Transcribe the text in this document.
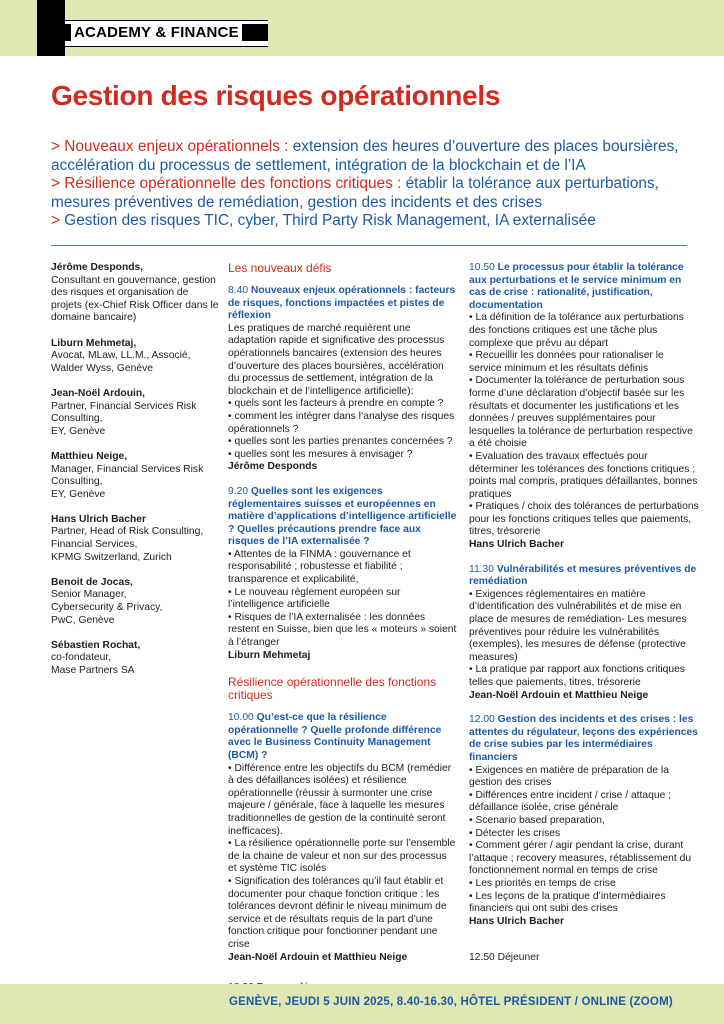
ACADEMY & FINANCE
Gestion des risques opérationnels
> Nouveaux enjeux opérationnels : extension des heures d’ouverture des places boursières, accélération du processus de settlement, intégration de la blockchain et de l’IA
> Résilience opérationnelle des fonctions critiques : établir la tolérance aux perturbations, mesures préventives de remédiation, gestion des incidents et des crises
> Gestion des risques TIC, cyber, Third Party Risk Management, IA externalisée
Jérôme Desponds,
Consultant en gouvernance, gestion des risques et organisation de projets (ex-Chief Risk Officer dans le domaine bancaire)
Liburn Mehmetaj,
Avocat, MLaw, LL.M., Associé, Walder Wyss, Genève
Jean-Noël Ardouin,
Partner, Financial Services Risk Consulting,
EY, Genève
Matthieu Neige,
Manager, Financial Services Risk Consulting,
EY, Genève
Hans Ulrich Bacher
Partner, Head of Risk Consulting, Financial Services,
KPMG Switzerland, Zurich
Benoit de Jocas,
Senior Manager,
Cybersecurity & Privacy,
PwC, Genève
Sébastien Rochat,
co-fondateur,
Mase Partners SA
Les nouveaux défis
8.40 Nouveaux enjeux opérationnels : facteurs de risques, fonctions impactées et pistes de réflexion
Les pratiques de marché requièrent une adaptation rapide et significative des processus opérationnels bancaires (extension des heures d’ouverture des places boursières, accélération du processus de settlement, intégration de la blockchain et de l’intelligence artificielle):
• quels sont les facteurs à prendre en compte ?
• comment les intégrer dans l’analyse des risques opérationnels ?
• quelles sont les parties prenantes concernées ?
• quelles sont les mesures à envisager ?
Jérôme Desponds
9.20 Quelles sont les exigences réglementaires suisses et européennes en matière d’applications d’intelligence artificielle ? Quelles précautions prendre face aux risques de l’IA externalisée ?
• Attentes de la FINMA : gouvernance et responsabilité ; robustesse et fiabilité ; transparence et explicabilité,
• Le nouveau règlement européen sur l’intelligence artificielle
• Risques de l’IA externalisée : les données restent en Suisse, bien que les « moteurs » soient à l’étranger
Liburn Mehmetaj
Résilience opérationnelle des fonctions critiques
10.00 Qu’est-ce que la résilience opérationnelle ? Quelle profonde différence avec le Business Continuity Management (BCM) ?
• Différence entre les objectifs du BCM (remédier à des défaillances isolées) et résilience opérationnelle (réussir à surmonter une crise majeure / générale, face à laquelle les mesures traditionnelles de gestion de la continuité seront inefficaces).
• La résilience opérationnelle porte sur l’ensemble de la chaine de valeur et non sur des processus et système TIC isolés
• Signification des tolérances qu’il faut établir et documenter pour chaque fonction critique : les tolérances devront définir le niveau minimum de service et de résultats requis de la part d’une fonction critique pour fonctionner pendant une crise
Jean-Noël Ardouin et Matthieu Neige
10.50 Le processus pour établir la tolérance aux perturbations et le service minimum en cas de crise : rationalité, justification, documentation
• La définition de la tolérance aux perturbations des fonctions critiques est une tâche plus complexe que prévu au départ
• Recueillir les données pour rationaliser le service minimum et les résultats définis
• Documenter la tolérance de perturbation sous forme d’une déclaration d’objectif basée sur les résultats et documenter les justifications et les données / preuves supplémentaires pour lesquelles la tolérance de perturbation respective a été choisie
• Evaluation des travaux effectués pour déterminer les tolérances des fonctions critiques ; points mal compris, pratiques défaillantes, bonnes pratiques
• Pratiques / choix des tolérances de perturbations pour les fonctions critiques telles que paiements, titres, trésorerie
Hans Ulrich Bacher
11.30 Vulnérabilités et mesures préventives de remédiation
• Exigences réglementaires en matière d’identification des vulnérabilités et de mise en place de mesures de remédiation- Les mesures préventives pour réduire les vulnérabilités (exemples), les mesures de défense (protective measures)
• La pratique par rapport aux fonctions critiques telles que paiements, titres, trésorerie
Jean-Noël Ardouin et Matthieu Neige
12.00 Gestion des incidents et des crises : les attentes du régulateur, leçons des expériences de crise subies par les intermédiaires financiers
• Exigences en matière de préparation de la gestion des crises
• Différences entre incident / crise / attaque ; défaillance isolée, crise générale
• Scenario based preparation,
• Détecter les crises
• Comment gérer / agir pendant la crise, durant l’attaque ; recovery measures, rétablissement du fonctionnement normal en temps de crise
• Les priorités en temps de crise
• Les leçons de la pratique d’intermédiaires financiers qui ont subi des crises
Hans Ulrich Bacher
12.50 Déjeuner
GENÈVE, JEUDI 5 JUIN 2025, 8.40-16.30, HÔTEL PRÉSIDENT / ONLINE (ZOOM)
